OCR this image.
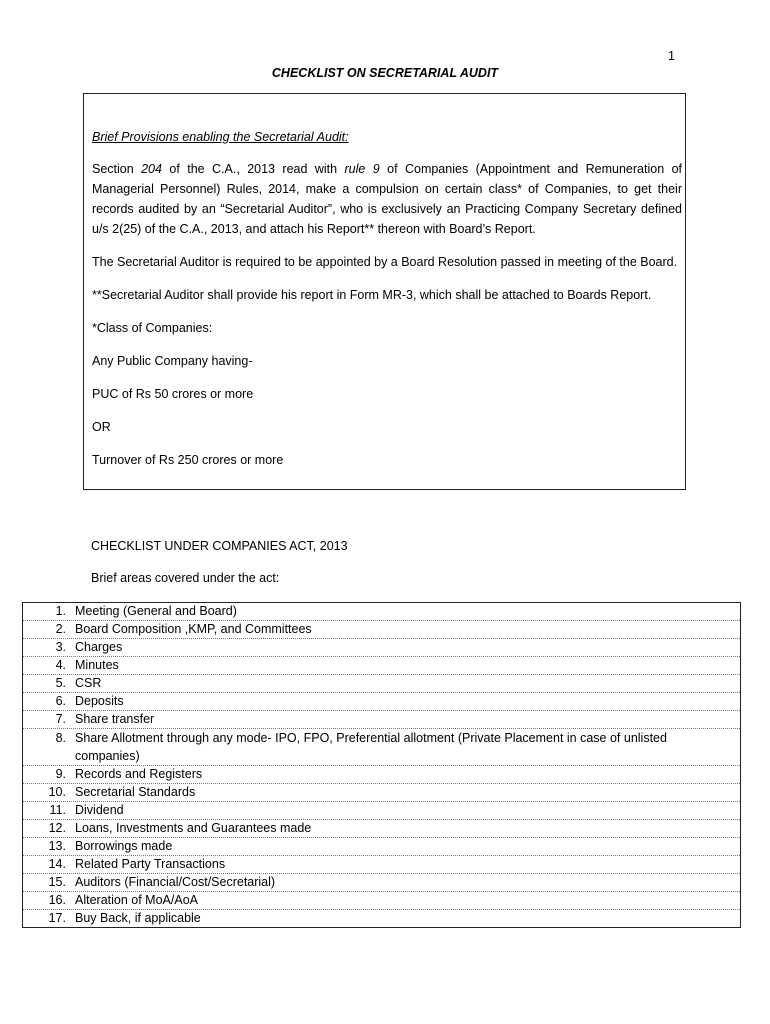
1
CHECKLIST ON SECRETARIAL AUDIT

Brief Provisions enabling the Secretarial Audit:

Section 204 of the C.A., 2013 read with rule 9 of Companies (Appointment and Remuneration of Managerial Personnel) Rules, 2014, make a compulsion on certain class* of Companies, to get their records audited by an “Secretarial Auditor”, who is exclusively an Practicing Company Secretary defined u/s 2(25) of the C.A., 2013, and attach his Report** thereon with Board’s Report.

The Secretarial Auditor is required to be appointed by a Board Resolution passed in meeting of the Board.

**Secretarial Auditor shall provide his report in Form MR-3, which shall be attached to Boards Report.

*Class of Companies:

Any Public Company having-

PUC of Rs 50 crores or more

OR

Turnover of Rs 250 crores or more

CHECKLIST UNDER COMPANIES ACT, 2013
Brief areas covered under the act:
1. Meeting (General and Board)
2. Board Composition ,KMP, and Committees
3. Charges
4. Minutes
5. CSR
6. Deposits
7. Share transfer
8. Share Allotment through any mode- IPO, FPO, Preferential allotment (Private Placement in case of unlisted companies)
9. Records and Registers
10. Secretarial Standards
11. Dividend
12. Loans, Investments and Guarantees made
13. Borrowings made
14. Related Party Transactions
15. Auditors (Financial/Cost/Secretarial)
16. Alteration of MoA/AoA
17. Buy Back, if applicable
